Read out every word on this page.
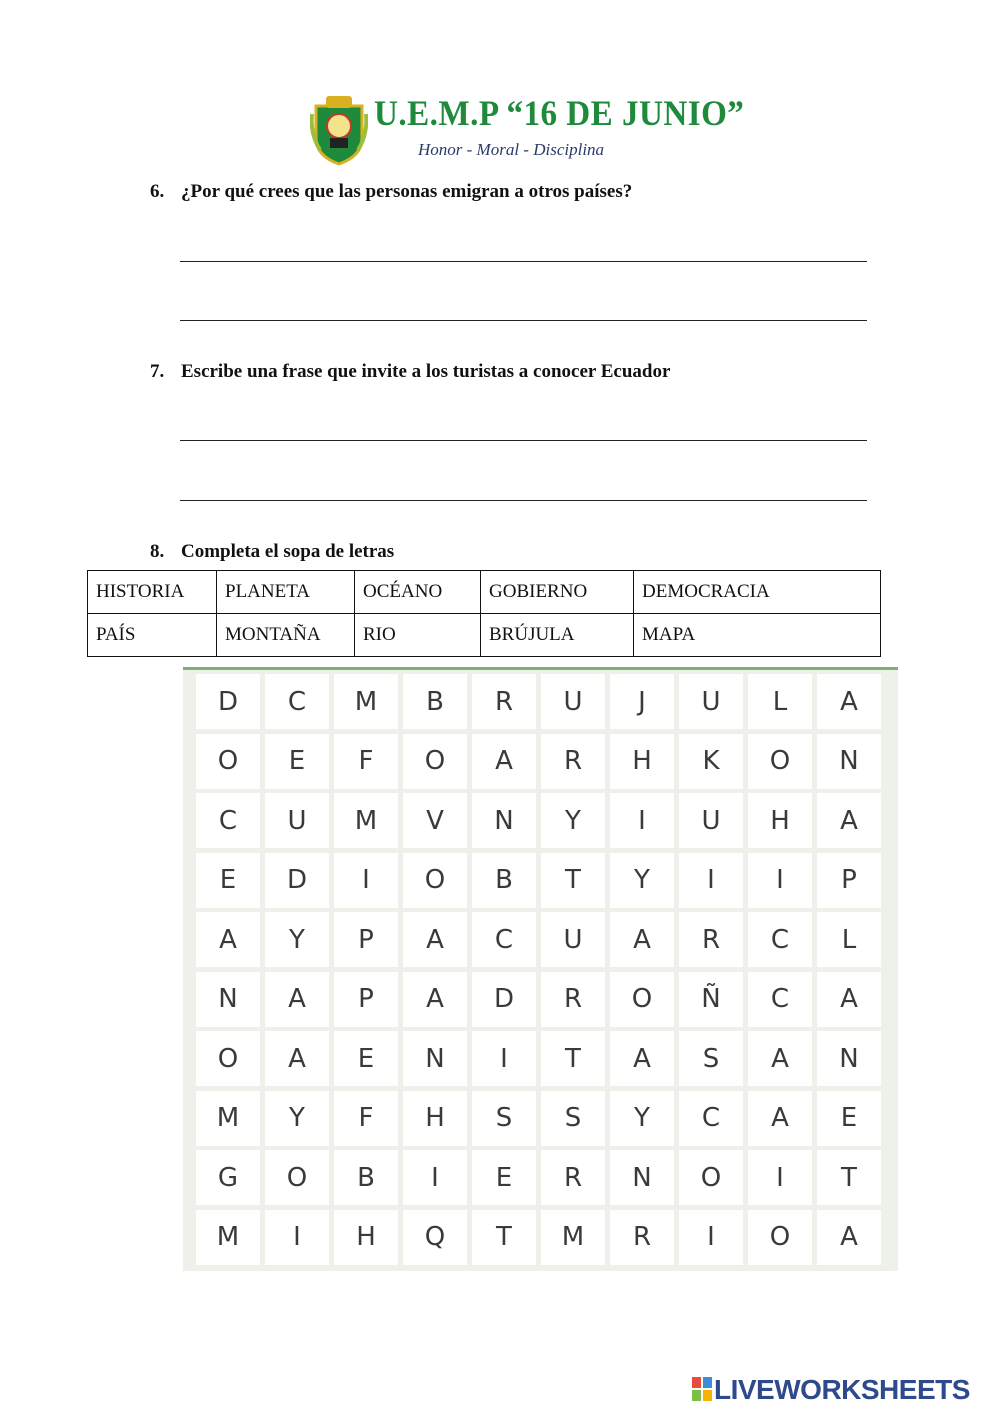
U.E.M.P “16 DE JUNIO”
Honor - Moral - Disciplina
6. ¿Por qué crees que las personas emigran a otros países?
7. Escribe una frase que invite a los turistas a conocer Ecuador
8. Completa el sopa de letras
HISTORIA	PLANETA	OCÉANO	GOBIERNO	DEMOCRACIA
PAÍS	MONTAÑA	RIO	BRÚJULA	MAPA
D	C	M	B	R	U	J	U	L	A
O	E	F	O	A	R	H	K	O	N
C	U	M	V	N	Y	I	U	H	A
E	D	I	O	B	T	Y	I	I	P
A	Y	P	A	C	U	A	R	C	L
N	A	P	A	D	R	O	Ñ	C	A
O	A	E	N	I	T	A	S	A	N
M	Y	F	H	S	S	Y	C	A	E
G	O	B	I	E	R	N	O	I	T
M	I	H	Q	T	M	R	I	O	A
LIVEWORKSHEETS
